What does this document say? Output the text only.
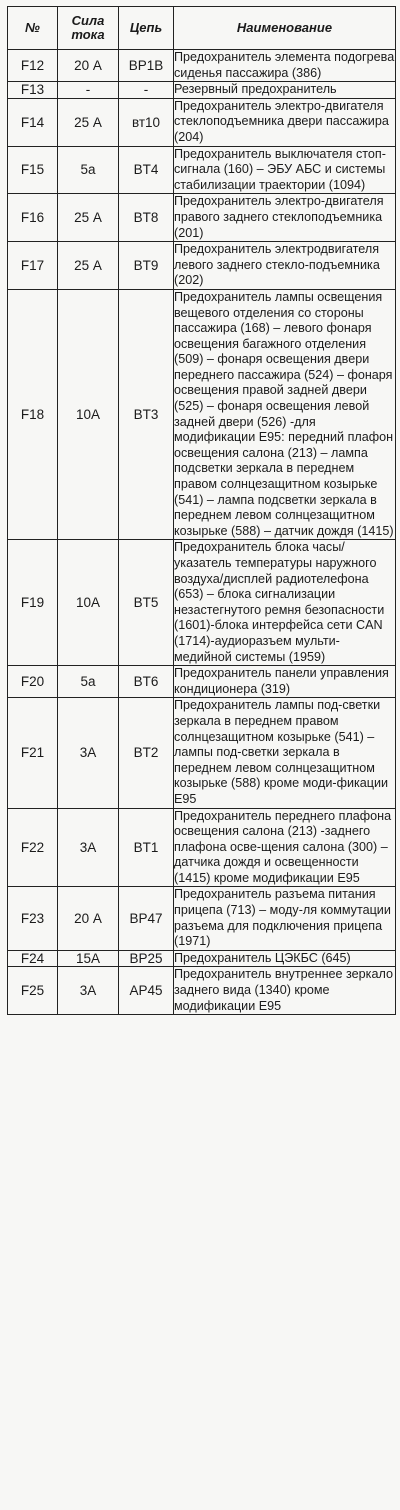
№	Сила тока	Цепь	Наименование
F12	20 А	BP1B	Предохранитель элемента подогрева сиденья пассажира (386)
F13	-	-	Резервный предохранитель
F14	25 А	вт10	Предохранитель электро-двигателя стеклоподъемника двери пассажира (204)
F15	5а	BT4	Предохранитель выключателя стоп-сигнала (160) – ЭБУ АБС и системы стабилизации траектории (1094)
F16	25 А	BT8	Предохранитель электро-двигателя правого заднего стеклоподъемника (201)
F17	25 А	BT9	Предохранитель электродвигателя левого заднего стекло-подъемника (202)
F18	10А	BT3	Предохранитель лампы освещения вещевого отделения со стороны пассажира (168) – левого фонаря освещения багажного отделения (509) – фонаря освещения двери переднего пассажира (524) – фонаря освещения правой задней двери (525) – фонаря освещения левой задней двери (526) -для модификации Е95: передний плафон освещения салона (213) – лампа подсветки зеркала в переднем правом солнцезащитном козырьке (541) – лампа подсветки зеркала в переднем левом солнцезащитном козырьке (588) – датчик дождя (1415)
F19	10А	BT5	Предохранитель блока часы/указатель температуры наружного воздуха/дисплей радиотелефона (653) – блока сигнализации незастегнутого ремня безопасности (1601)-блока интерфейса сети CAN (1714)-аудиоразъем мульти-медийной системы (1959)
F20	5а	BT6	Предохранитель панели управления кондиционера (319)
F21	3А	BT2	Предохранитель лампы под-светки зеркала в переднем правом солнцезащитном козырьке (541) – лампы под-светки зеркала в переднем левом солнцезащитном козырьке (588) кроме моди-фикации Е95
F22	3А	BT1	Предохранитель переднего плафона освещения салона (213) -заднего плафона осве-щения салона (300) – датчика дождя и освещенности (1415) кроме модификации Е95
F23	20 А	BP47	Предохранитель разъема питания прицепа (713) – моду-ля коммутации разъема для подключения прицепа (1971)
F24	15А	BP25	Предохранитель ЦЭКБС (645)
F25	3А	AP45	Предохранитель внутреннее зеркало заднего вида (1340) кроме модификации Е95
